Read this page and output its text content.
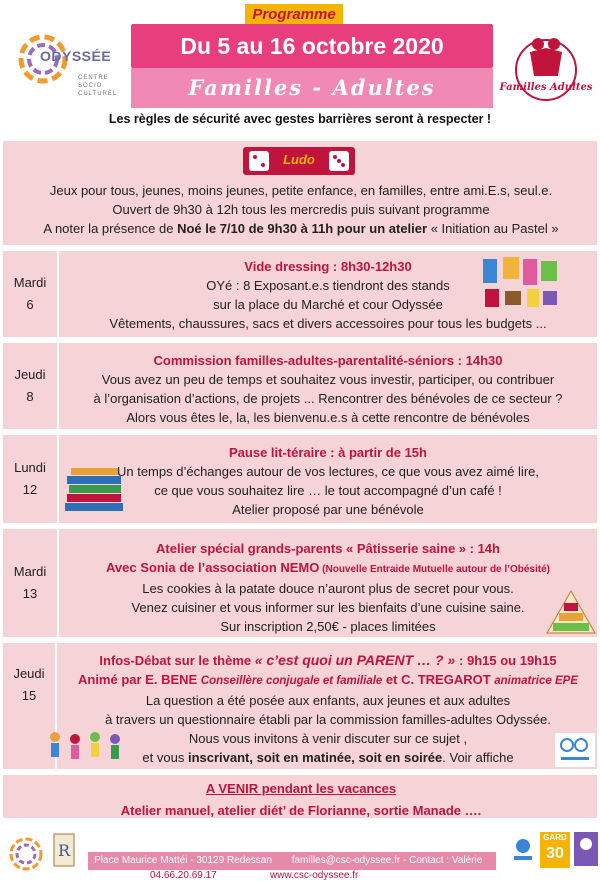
ODYSSÉE
CENTRE SOCIO CULTUREL
Programme
Du 5 au 16 octobre 2020
Familles - Adultes	Familles Adultes
Les règles de sécurité avec gestes barrières seront à respecter !
Ludo
Jeux pour tous, jeunes, moins jeunes, petite enfance, en familles, entre ami.E.s, seul.e.
Ouvert de 9h30 à 12h tous les mercredis puis suivant programme
A noter la présence de Noé le 7/10 de 9h30 à 11h pour un atelier « Initiation au Pastel »
Mardi
6
Vide dressing : 8h30-12h30
OYé : 8 Exposant.e.s tiendront des stands
sur la place du Marché et cour Odyssée
Vêtements, chaussures, sacs et divers accessoires pour tous les budgets ...
Jeudi
8
Commission familles-adultes-parentalité-séniors : 14h30
Vous avez un peu de temps et souhaitez vous investir, participer, ou contribuer
à l’organisation d’actions, de projets ... Rencontrer des bénévoles de ce secteur ?
Alors vous êtes le, la, les bienvenu.e.s à cette rencontre de bénévoles
Lundi
12
Pause lit-téraire : à partir de 15h
Un temps d’échanges autour de vos lectures, ce que vous avez aimé lire,
ce que vous souhaitez lire … le tout accompagné d’un café !
Atelier proposé par une bénévole
Mardi
13
Atelier spécial grands-parents « Pâtisserie saine » : 14h
Avec Sonia de l’association NEMO (Nouvelle Entraide Mutuelle autour de l’Obésité)
Les cookies à la patate douce n’auront plus de secret pour vous.
Venez cuisiner et vous informer sur les bienfaits d’une cuisine saine.
Sur inscription 2,50€ - places limitées
Jeudi
15
Infos-Débat sur le thème « c’est quoi un PARENT … ? » : 9h15 ou 19h15
Animé par E. BENE Conseillère conjugale et familiale et C. TREGAROT animatrice EPE
La question a été posée aux enfants, aux jeunes et aux adultes
à travers un questionnaire établi par la commission familles-adultes Odyssée.
Nous vous invitons à venir discuter sur ce sujet ,
et vous inscrivant, soit en matinée, soit en soirée. Voir affiche
A VENIR pendant les vacances
Atelier manuel, atelier diét’ de Florianne, sortie Manade ….
R
Place Maurice Mattéi - 30129 Redessan	familles@csc-odyssee.fr - Contact : Valérie
04.66.20.69.17	www.csc-odyssee.fr
GARD
30
